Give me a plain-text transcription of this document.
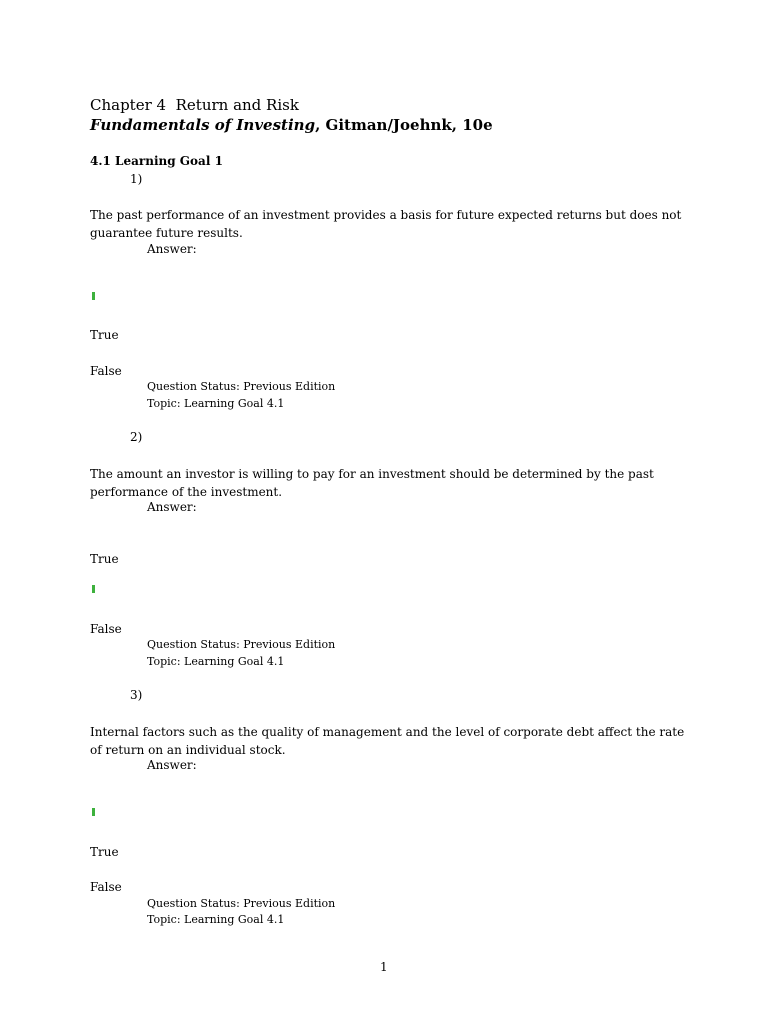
Chapter 4 Return and Risk
Fundamentals of Investing, Gitman/Joehnk, 10e
4.1 Learning Goal 1
1)
The past performance of an investment provides a basis for future expected returns but does not guarantee future results.
Answer:
True
False
Question Status: Previous Edition
Topic: Learning Goal 4.1
2)
The amount an investor is willing to pay for an investment should be determined by the past performance of the investment.
Answer:
True
False
Question Status: Previous Edition
Topic: Learning Goal 4.1
3)
Internal factors such as the quality of management and the level of corporate debt affect the rate of return on an individual stock.
Answer:
True
False
Question Status: Previous Edition
Topic: Learning Goal 4.1
1
